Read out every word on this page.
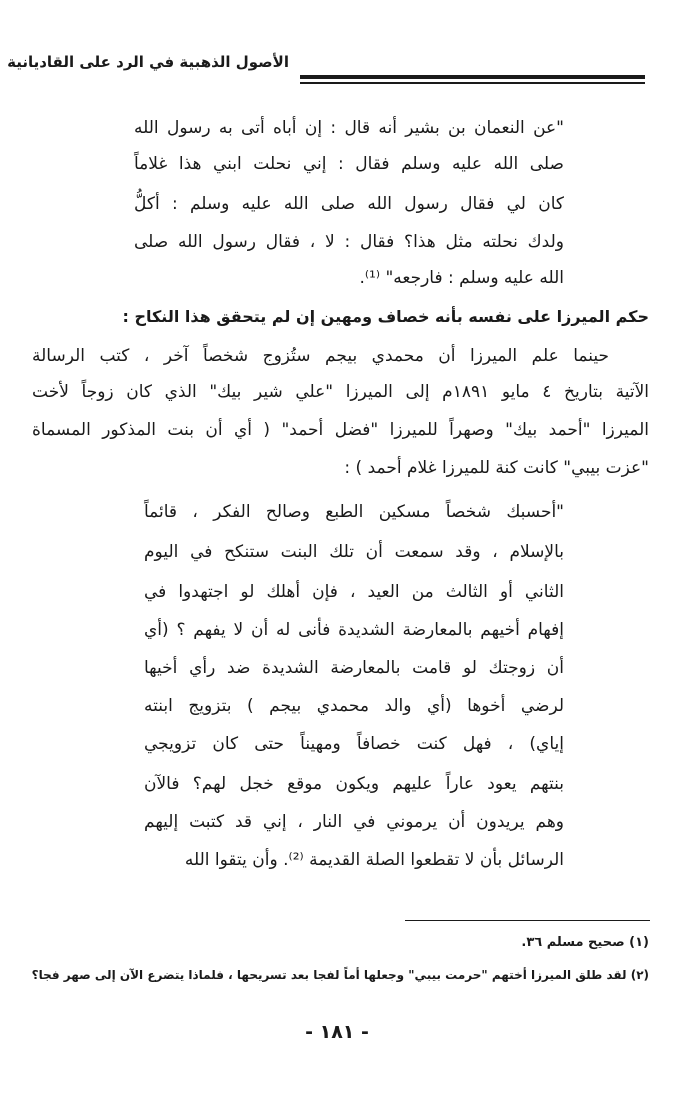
الأصول الذهبية في الرد على القاديانية
"عن النعمان بن بشير أنه قال : إن أباه أتى به رسول الله
صلى الله عليه وسلم فقال : إني نحلت ابني هذا غلاماً
كان لي فقال رسول الله صلى الله عليه وسلم : أكلُّ
ولدك نحلته مثل هذا؟ فقال : لا ، فقال رسول الله صلى
الله عليه وسلم : فارجعه" ⁽¹⁾.
حكم الميرزا على نفسه بأنه خصاف ومهين إن لم يتحقق هذا النكاح :
حينما علم الميرزا أن محمدي بيجم ستُزوج شخصاً آخر ، كتب الرسالة
الآتية بتاريخ ٤ مايو ١٨٩١م إلى الميرزا "علي شير بيك" الذي كان زوجاً لأخت
الميرزا "أحمد بيك" وصهراً للميرزا "فضل أحمد" ( أي أن بنت المذكور المسماة
"عزت بيبي" كانت كنة للميرزا غلام أحمد ) :
"أحسبك شخصاً مسكين الطبع وصالح الفكر ، قائماً
بالإسلام ، وقد سمعت أن تلك البنت ستنكح في اليوم
الثاني أو الثالث من العيد ، فإن أهلك لو اجتهدوا في
إفهام أخيهم بالمعارضة الشديدة فأنى له أن لا يفهم ؟ (أي
أن زوجتك لو قامت بالمعارضة الشديدة ضد رأي أخيها
لرضي أخوها (أي والد محمدي بيجم ) بتزويج ابنته
إياي) ، فهل كنت خصافاً ومهيناً حتى كان تزويجي
بنتهم يعود عاراً عليهم ويكون موقع خجل لهم؟ فالآن
وهم يريدون أن يرموني في النار ، إني قد كتبت إليهم
الرسائل بأن لا تقطعوا الصلة القديمة ⁽²⁾. وأن يتقوا الله
(١) صحيح مسلم ٣٦.
(٢) لقد طلق الميرزا أختهم "حرمت بيبي" وجعلها أماً لفجا بعد تسريحها ، فلماذا يتضرع الآن إلى صهر فجا؟
- ١٨١ -
